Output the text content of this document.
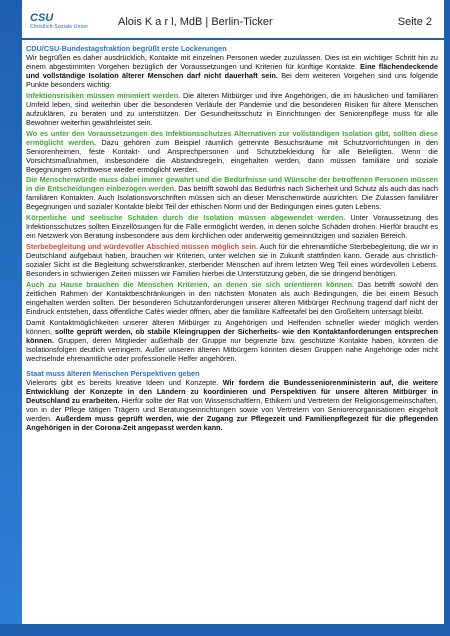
CSU
Christlich-Soziale Union	Alois K a r l, MdB | Berlin-Ticker	Seite 2

CDU/CSU-Bundestagsfraktion begrüßt erste Lockerungen
Wir begrüßen es daher ausdrücklich, Kontakte mit einzelnen Personen wieder zuzulassen. Dies ist ein wichtiger Schritt hin zu einem abgestimmten Vorgehen bezüglich der Voraussetzungen und Kriterien für künftige Kontakte. Eine flächendeckende und vollständige Isolation älterer Menschen darf nicht dauerhaft sein. Bei dem weiteren Vorgehen sind uns folgende Punkte besonders wichtig:

Infektionsrisiken müssen minimiert werden. Die älteren Mitbürger und ihre Angehörigen, die im häuslichen und familiären Umfeld leben, sind weiterhin über die besonderen Verläufe der Pandemie und die besonderen Risiken für ältere Menschen aufzuklären, zu beraten und zu unterstützen. Der Gesundheitsschutz in Einrichtungen der Seniorenpflege muss für alle Bewohner weiterhin gewährleistet sein.

Wo es unter den Voraussetzungen des Infektionsschutzes Alternativen zur vollständigen Isolation gibt, sollten diese ermöglicht werden. Dazu gehören zum Beispiel räumlich getrennte Besuchsräume mit Schutzvorrichtungen in den Seniorenheimen, feste Kontakt- und Ansprechpersonen und Schutzbekleidung für alle Beteiligten. Wenn die Vorsichtsmaßnahmen, insbesondere die Abstandsregeln, eingehalten werden, dann müssen familiäre und soziale Begegnungen schrittweise wieder ermöglicht werden.

Die Menschenwürde muss dabei immer gewahrt und die Bedürfnisse und Wünsche der betroffenen Personen müssen in die Entscheidungen einbezogen werden. Das betrifft sowohl das Bedürfnis nach Sicherheit und Schutz als auch das nach familiären Kontakten. Auch Isolationsvorschriften müssen sich an dieser Menschenwürde ausrichten. Die Zulassen familiärer Begegnungen und sozialer Kontakte bleibt Teil der ethischen Norm und der Bedingungen eines guten Lebens.

Körperliche und seelische Schäden durch die Isolation müssen abgewendet werden. Unter Voraussetzung des Infektionsschutzes sollten Einzellösungen für die Fälle ermöglicht werden, in denen solche Schäden drohen. Hierfür braucht es ein Netzwerk von Beratung insbesondere aus dem kirchlichen oder anderweitig gemeinnützigen und sozialen Bereich.

Sterbebegleitung und würdevoller Abschied müssen möglich sein. Auch für die ehrenamtliche Sterbebegleitung, die wir in Deutschland aufgebaut haben, brauchen wir Kriterien, unter welchen sie in Zukunft stattfinden kann. Gerade aus christlich-sozialer Sicht ist die Begleitung schwerstkranker, sterbender Menschen auf ihrem letzten Weg Teil eines würdevollen Lebens. Besonders in schwierigen Zeiten müssen wir Familien hierbei die Unterstützung geben, die sie dringend benötigen.

Auch zu Hause brauchen die Menschen Kriterien, an denen sie sich orientieren können. Das betrifft sowohl den zeitlichen Rahmen der Kontaktbeschränkungen in den nächsten Monaten als auch Bedingungen, die bei einem Besuch eingehalten werden sollten. Der besonderen Schutzanforderungen unserer älteren Mitbürger Rechnung tragend darf nicht der Eindruck entstehen, dass öffentliche Cafés wieder öffnen, aber die familiäre Kaffeetafel bei den Großeltern untersagt bleibt.

Damit Kontaktmöglichkeiten unserer älteren Mitbürger zu Angehörigen und Helfenden schneller wieder möglich werden können, sollte geprüft werden, ob stabile Kleingruppen der Sicherheits- wie den Kontaktanforderungen entsprechen können. Gruppen, deren Mitglieder außerhalb der Gruppe nur begrenzte bzw. geschützte Kontakte haben, könnten die Isolationsfolgen deutlich verringern. Außer unseren älteren Mitbürgern könnten diesen Gruppen nahe Angehörige oder nicht wechselnde ehrenamtliche oder professionelle Helfer angehören.

Staat muss älteren Menschen Perspektiven geben
Vielerorts gibt es bereits kreative Ideen und Konzepte. Wir fordern die Bundesseniorenministerin auf, die weitere Entwicklung der Konzepte in den Ländern zu koordinieren und Perspektiven für unsere älteren Mitbürger in Deutschland zu erarbeiten. Hierfür sollte der Rat von Wissenschaftlern, Ethikern und Vertretern der Religionsgemeinschaften, von in der Pflege tätigen Trägern und Beratungseinrichtungen sowie von Vertretern von Seniorenorganisationen eingeholt werden. Außerdem muss geprüft werden, wie der Zugang zur Pflegezeit und Familienpflegezeit für die pflegenden Angehörigen in der Corona-Zeit angepasst werden kann.
